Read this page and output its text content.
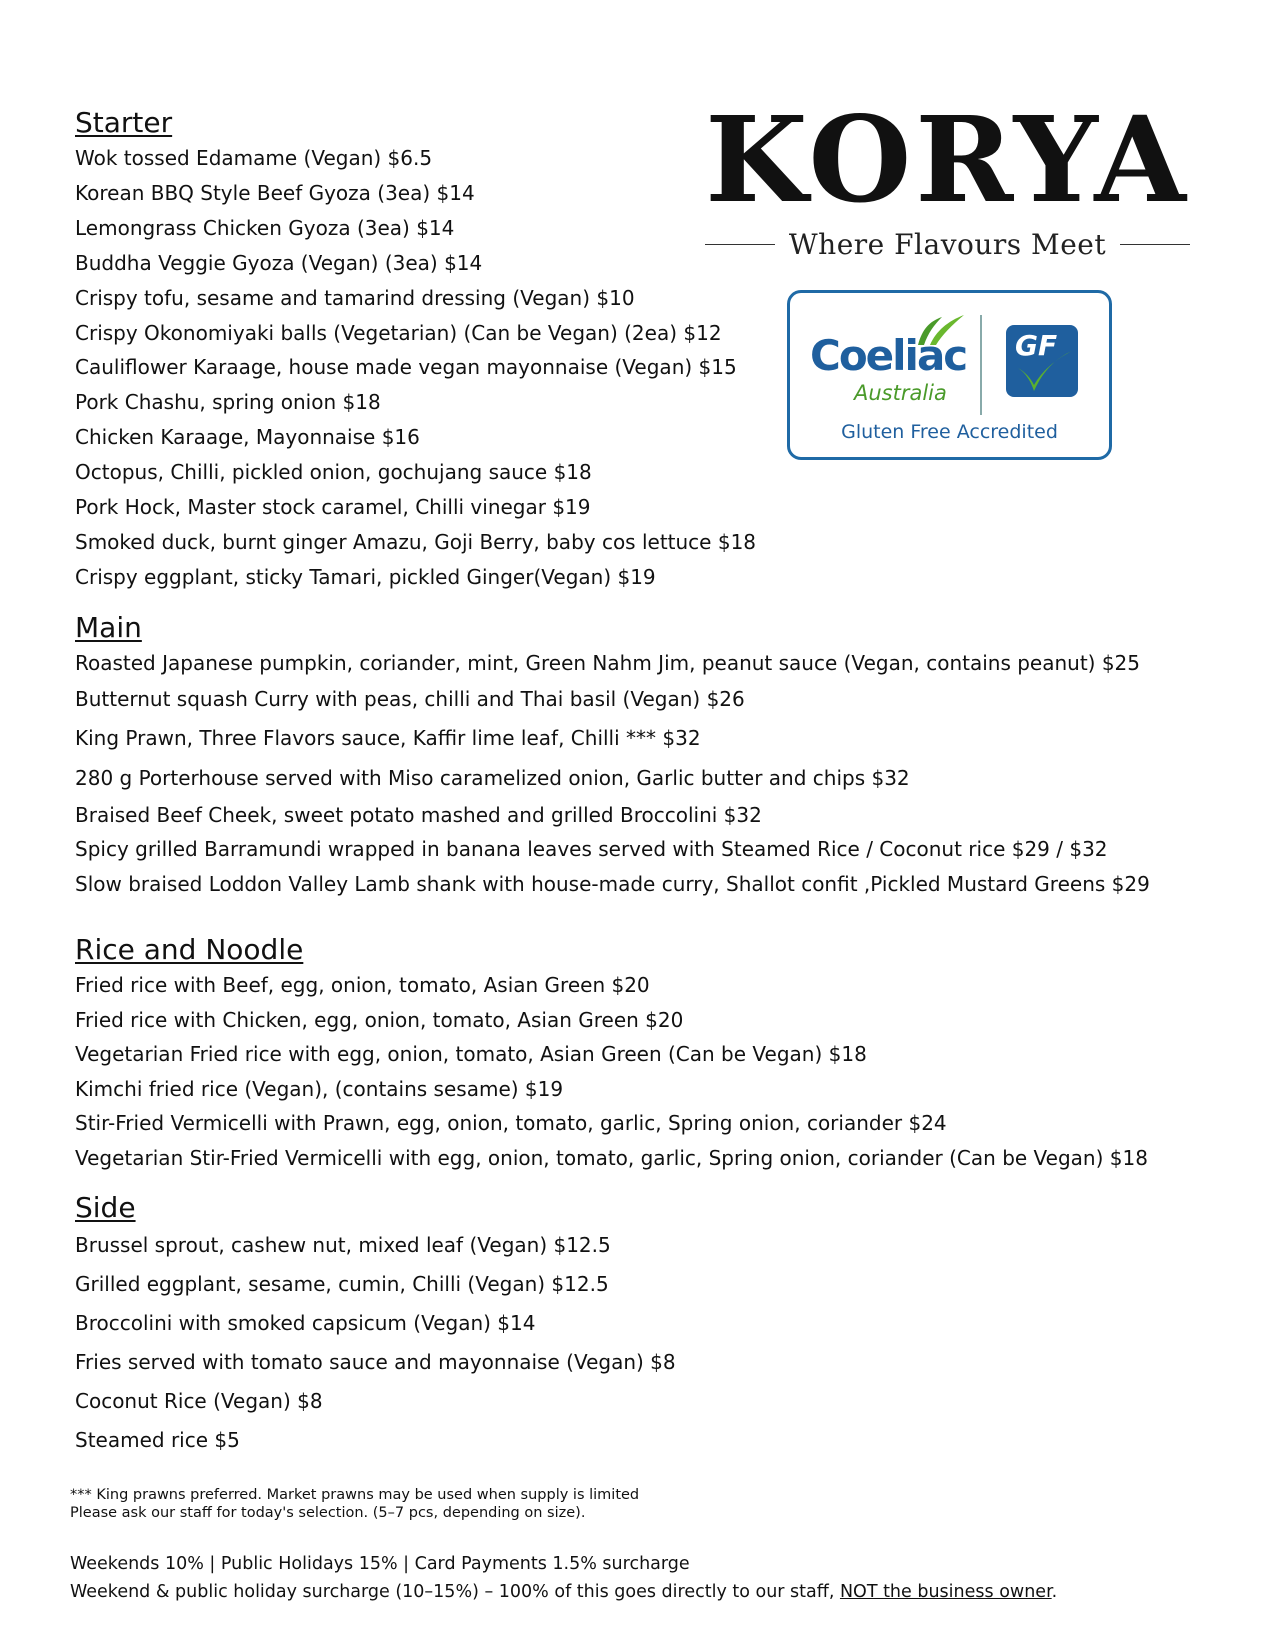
Starter
Wok tossed Edamame (Vegan) $6.5
Korean BBQ Style Beef Gyoza (3ea) $14
Lemongrass Chicken Gyoza (3ea) $14
Buddha Veggie Gyoza (Vegan) (3ea) $14
Crispy tofu, sesame and tamarind dressing (Vegan) $10
Crispy Okonomiyaki balls (Vegetarian) (Can be Vegan) (2ea) $12
Cauliflower Karaage, house made vegan mayonnaise (Vegan) $15
Pork Chashu, spring onion $18
Chicken Karaage, Mayonnaise $16
Octopus, Chilli, pickled onion, gochujang sauce $18
Pork Hock, Master stock caramel, Chilli vinegar $19
Smoked duck, burnt ginger Amazu, Goji Berry, baby cos lettuce $18
Crispy eggplant, sticky Tamari, pickled Ginger(Vegan) $19
KORYA
Where Flavours Meet
Coeliac
Australia
GF
Gluten Free Accredited
Main
Roasted Japanese pumpkin, coriander, mint, Green Nahm Jim, peanut sauce (Vegan, contains peanut) $25
Butternut squash Curry with peas, chilli and Thai basil (Vegan) $26
King Prawn, Three Flavors sauce, Kaffir lime leaf, Chilli *** $32
280 g Porterhouse served with Miso caramelized onion, Garlic butter and chips $32
Braised Beef Cheek, sweet potato mashed and grilled Broccolini $32
Spicy grilled Barramundi wrapped in banana leaves served with Steamed Rice / Coconut rice $29 / $32
Slow braised Loddon Valley Lamb shank with house-made curry, Shallot confit ,Pickled Mustard Greens $29
Rice and Noodle
Fried rice with Beef, egg, onion, tomato, Asian Green $20
Fried rice with Chicken, egg, onion, tomato, Asian Green $20
Vegetarian Fried rice with egg, onion, tomato, Asian Green (Can be Vegan) $18
Kimchi fried rice (Vegan), (contains sesame) $19
Stir-Fried Vermicelli with Prawn, egg, onion, tomato, garlic, Spring onion, coriander $24
Vegetarian Stir-Fried Vermicelli with egg, onion, tomato, garlic, Spring onion, coriander (Can be Vegan) $18
Side
Brussel sprout, cashew nut, mixed leaf (Vegan) $12.5
Grilled eggplant, sesame, cumin, Chilli (Vegan) $12.5
Broccolini with smoked capsicum (Vegan) $14
Fries served with tomato sauce and mayonnaise (Vegan) $8
Coconut Rice (Vegan) $8
Steamed rice $5
*** King prawns preferred. Market prawns may be used when supply is limited
Please ask our staff for today's selection. (5–7 pcs, depending on size).
Weekends 10% | Public Holidays 15% | Card Payments 1.5% surcharge
Weekend & public holiday surcharge (10–15%) – 100% of this goes directly to our staff, NOT the business owner.
